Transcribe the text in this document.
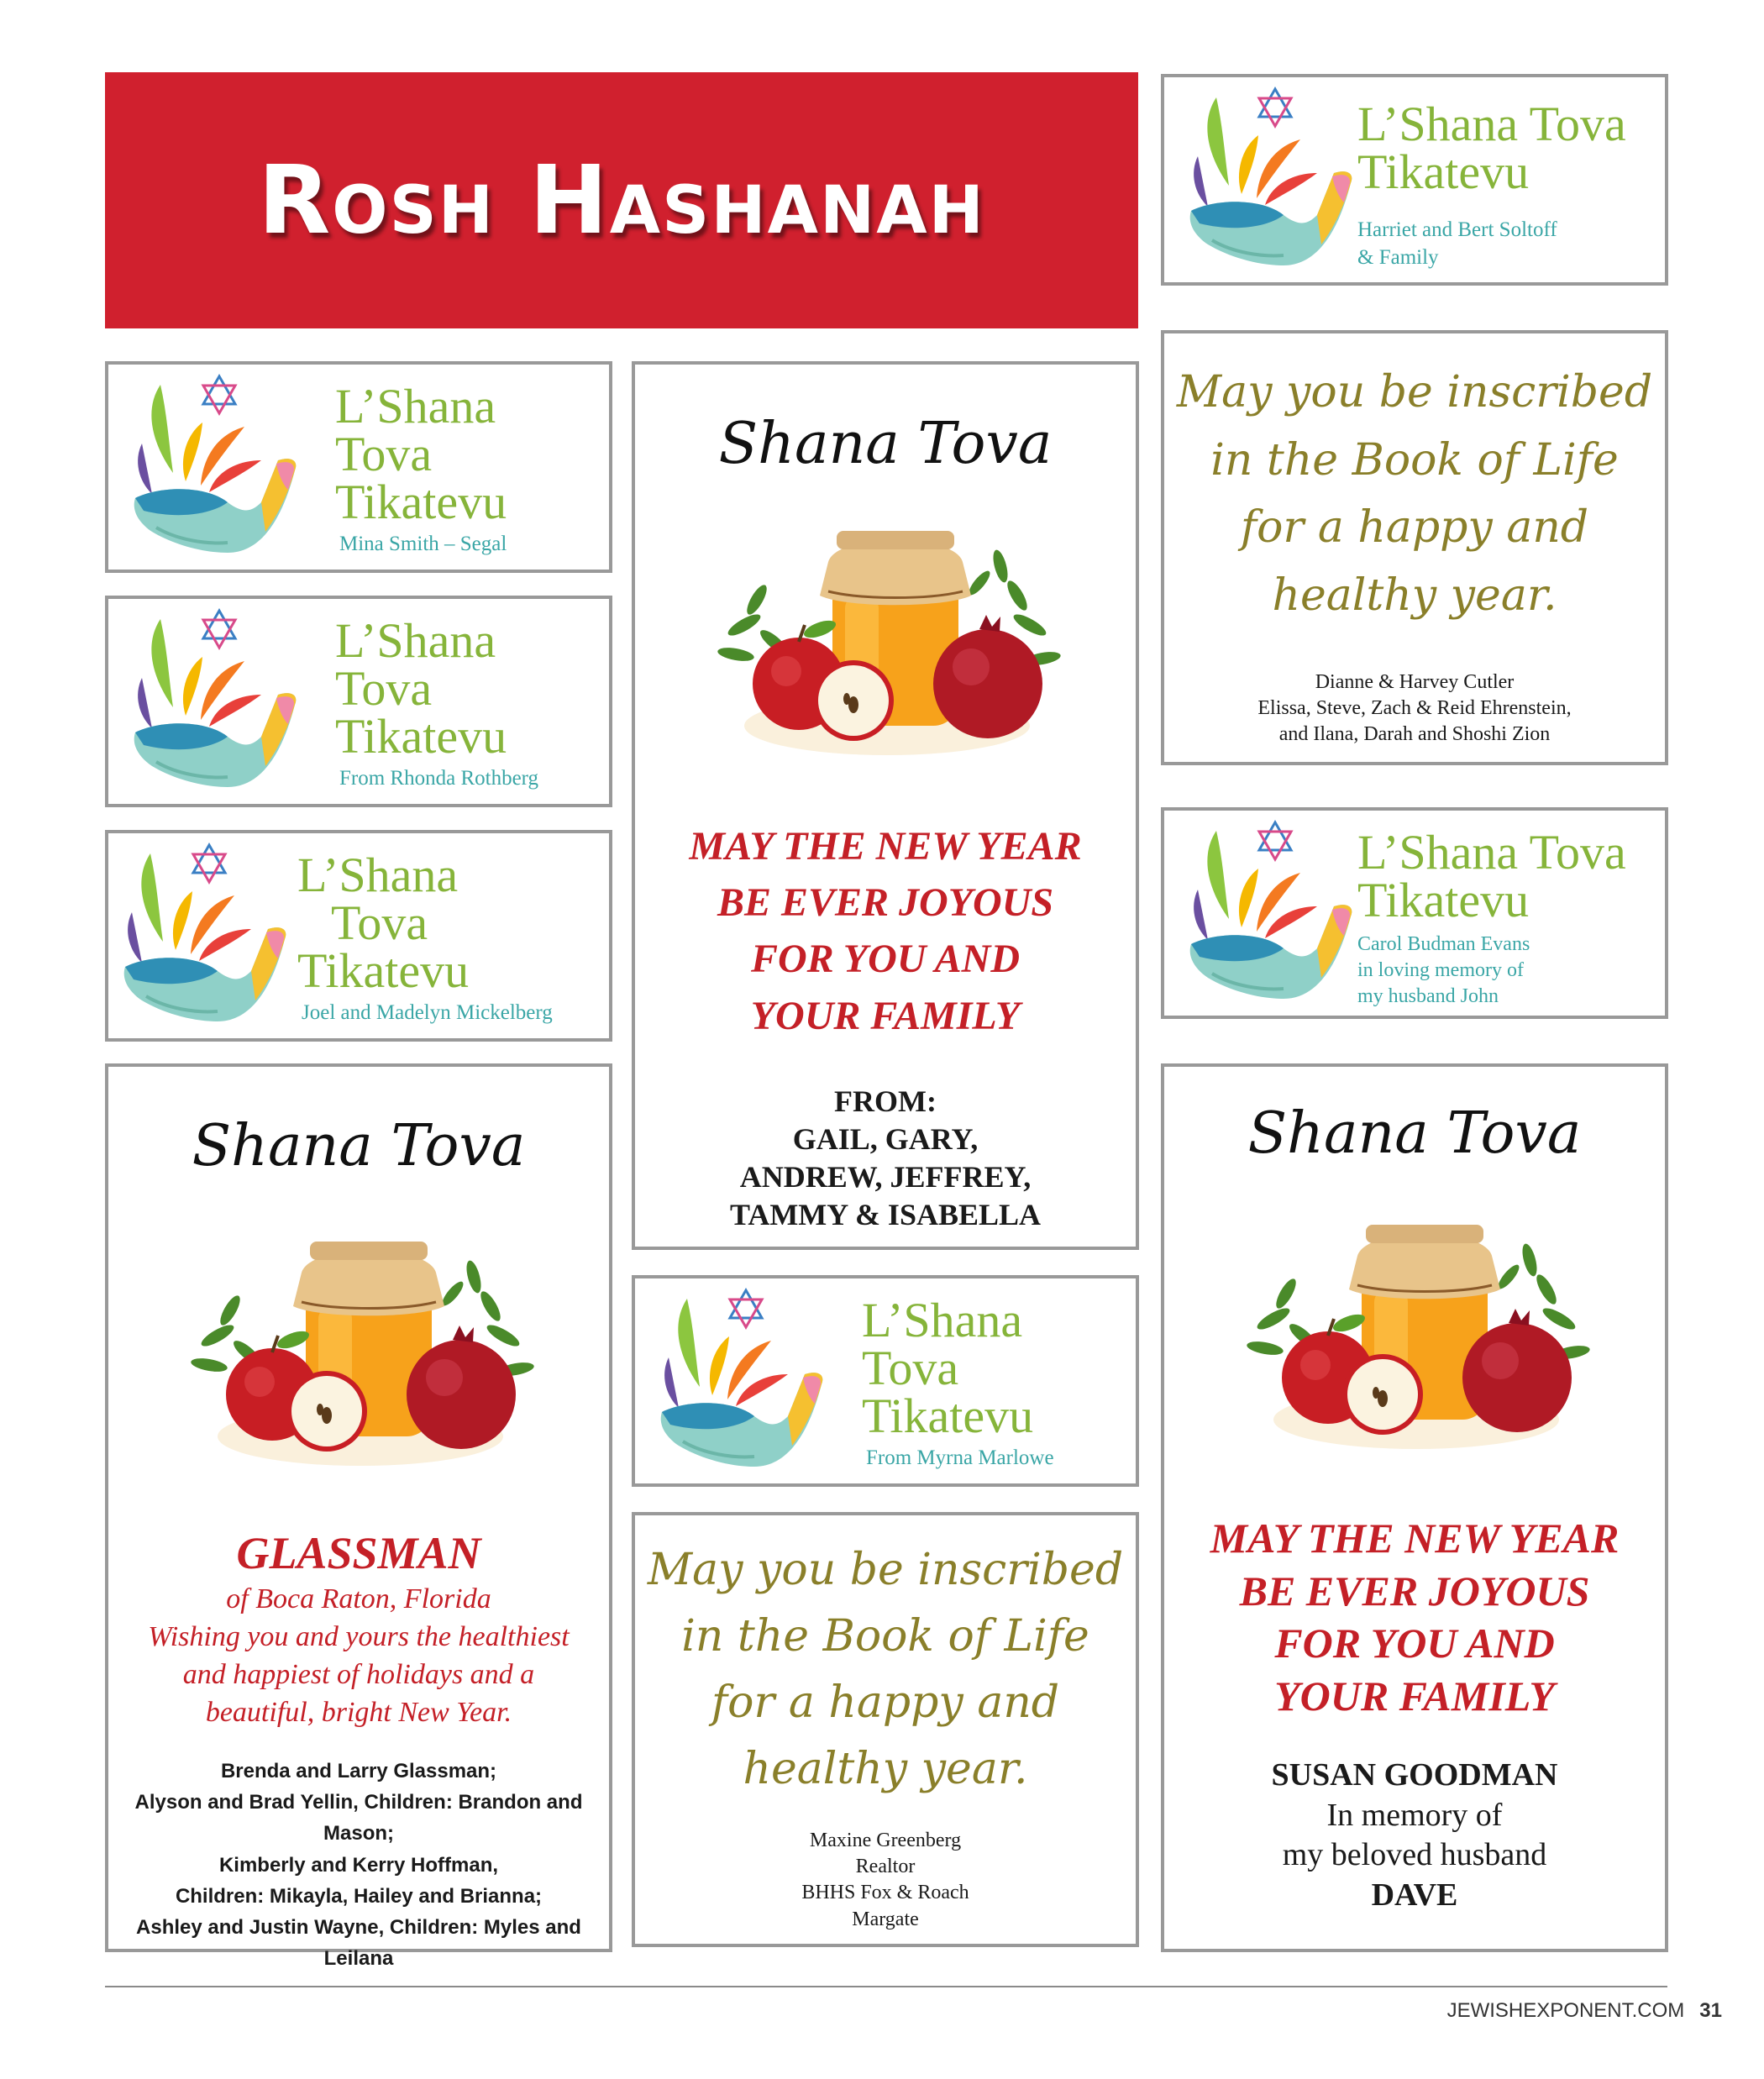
Rosh Hashanah
L’Shana Tova
Tikatevu
Harriet and Bert Soltoff
& Family
L’Shana
Tova
Tikatevu
Mina Smith – Segal
L’Shana
Tova
Tikatevu
From Rhonda Rothberg
L’Shana
Tova
Tikatevu
Joel and Madelyn Mickelberg
Shana Tova
MAY THE NEW YEAR
BE EVER JOYOUS
FOR YOU AND
YOUR FAMILY
FROM:
GAIL, GARY,
ANDREW, JEFFREY,
TAMMY & ISABELLA
May you be inscribed
in the Book of Life
for a happy and
healthy year.
Dianne & Harvey Cutler
Elissa, Steve, Zach & Reid Ehrenstein,
and Ilana, Darah and Shoshi Zion
L’Shana Tova
Tikatevu
Carol Budman Evans
in loving memory of
my husband John
Shana Tova
GLASSMAN
of Boca Raton, Florida
Wishing you and yours the healthiest
and happiest of holidays and a
beautiful, bright New Year.
Brenda and Larry Glassman;
Alyson and Brad Yellin, Children: Brandon and Mason;
Kimberly and Kerry Hoffman,
Children: Mikayla, Hailey and Brianna;
Ashley and Justin Wayne, Children: Myles and Leilana
L’Shana
Tova
Tikatevu
From Myrna Marlowe
May you be inscribed
in the Book of Life
for a happy and
healthy year.
Maxine Greenberg
Realtor
BHHS Fox & Roach
Margate
Shana Tova
MAY THE NEW YEAR
BE EVER JOYOUS
FOR YOU AND
YOUR FAMILY
SUSAN GOODMAN
In memory of
my beloved husband
DAVE
JEWISHEXPONENT.COM 31
